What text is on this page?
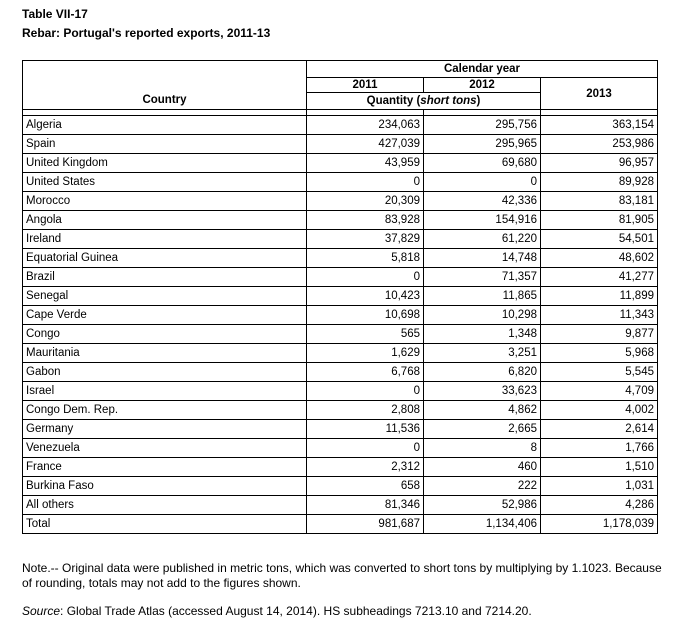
Table VII-17
Rebar: Portugal's reported exports, 2011-13
Country	Calendar year		
	2011	2012	2013
	Quantity (short tons)		

Algeria	234,063	295,756	363,154
Spain	427,039	295,965	253,986
United Kingdom	43,959	69,680	96,957
United States	0	0	89,928
Morocco	20,309	42,336	83,181
Angola	83,928	154,916	81,905
Ireland	37,829	61,220	54,501
Equatorial Guinea	5,818	14,748	48,602
Brazil	0	71,357	41,277
Senegal	10,423	11,865	11,899
Cape Verde	10,698	10,298	11,343
Congo	565	1,348	9,877
Mauritania	1,629	3,251	5,968
Gabon	6,768	6,820	5,545
Israel	0	33,623	4,709
Congo Dem. Rep.	2,808	4,862	4,002
Germany	11,536	2,665	2,614
Venezuela	0	8	1,766
France	2,312	460	1,510
Burkina Faso	658	222	1,031
All others	81,346	52,986	4,286
Total	981,687	1,134,406	1,178,039
Note.-- Original data were published in metric tons, which was converted to short tons by multiplying by 1.1023. Because of rounding, totals may not add to the figures shown.
Source: Global Trade Atlas (accessed August 14, 2014). HS subheadings 7213.10 and 7214.20.
